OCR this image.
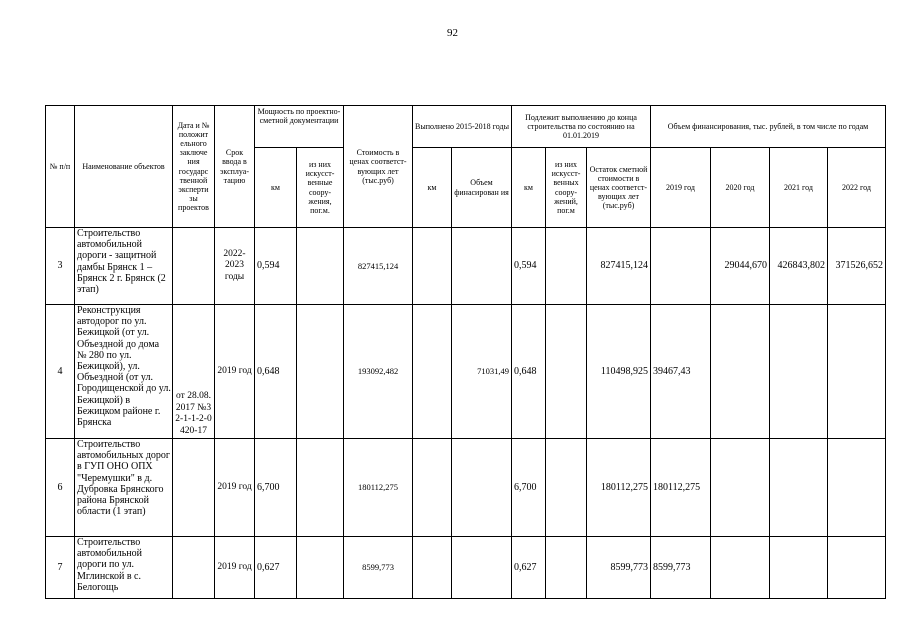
92
№ п/п	Наименование объектов	Дата и № положит ельного заключе ния государс твенной эксперти зы проектов	Срок ввода в эксплуа-тацию	Мощность по проектно-сметной документации		Стоимость в ценах соответст-вующих лет (тыс.руб)	Выполнено 2015-2018 годы		Подлежит выполнению до конца строительства по состоянию на 01.01.2019			Объем финансирования, тыс. рублей, в том числе по годам			
				км	из них искусст-венные соору-жения, пог.м.		км	Объем финасирован ия	км	из них искусст-венных соору-жений, пог.м	Остаток сметной стоимости в ценах соответст-вующих лет (тыс.руб)	2019 год	2020 год	2021 год	2022 год
3	Строительство автомобильной дороги - защитной дамбы Брянск 1 – Брянск 2 г. Брянск (2 этап)		2022-2023 годы	0,594		827415,124			0,594		827415,124		29044,670	426843,802	371526,652
4	Реконструкция автодорог по ул. Бежицкой (от ул. Объездной до дома № 280 по ул. Бежицкой), ул. Объездной (от ул. Городищенской до ул. Бежицкой) в Бежицком районе г. Брянска	от 28.08.2017 №32-1-1-2-0420-17	2019 год	0,648		193092,482		71031,49	0,648		110498,925	39467,43			
6	Строительство автомобильных дорог в ГУП ОНО ОПХ "Черемушки" в д. Дубровка Брянского района Брянской области (1 этап)		2019 год	6,700		180112,275			6,700		180112,275	180112,275			
7	Строительство автомобильной дороги по ул. Мглинской в с. Белогощь		2019 год	0,627		8599,773			0,627		8599,773	8599,773			
